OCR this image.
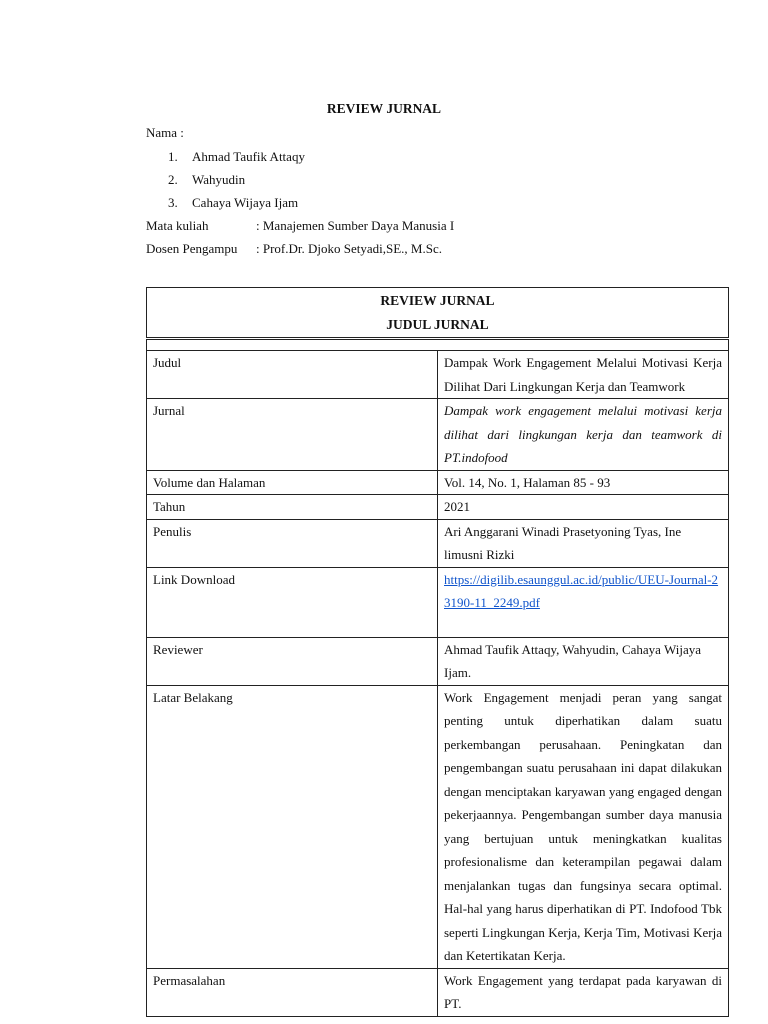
REVIEW JURNAL
Nama :
1. Ahmad Taufik Attaqy
2. Wahyudin
3. Cahaya Wijaya Ijam
Mata kuliah	: Manajemen Sumber Daya Manusia I
Dosen Pengampu : Prof.Dr. Djoko Setyadi,SE., M.Sc.
REVIEW JURNAL
JUDUL JURNAL	

Judul	Dampak Work Engagement Melalui Motivasi Kerja Dilihat Dari Lingkungan Kerja dan Teamwork
Jurnal	Dampak work engagement melalui motivasi kerja dilihat dari lingkungan kerja dan teamwork di PT.indofood
Volume dan Halaman	Vol. 14, No. 1, Halaman 85 - 93
Tahun	2021
Penulis	Ari Anggarani Winadi Prasetyoning Tyas, Ine limusni Rizki
Link Download	https://digilib.esaunggul.ac.id/public/UEU-Journal-23190-11_2249.pdf
Reviewer	Ahmad Taufik Attaqy, Wahyudin, Cahaya Wijaya Ijam.
Latar Belakang	Work Engagement menjadi peran yang sangat penting untuk diperhatikan dalam suatu perkembangan perusahaan. Peningkatan dan pengembangan suatu perusahaan ini dapat dilakukan dengan menciptakan karyawan yang engaged dengan pekerjaannya. Pengembangan sumber daya manusia yang bertujuan untuk meningkatkan kualitas profesionalisme dan keterampilan pegawai dalam menjalankan tugas dan fungsinya secara optimal. Hal-hal yang harus diperhatikan di PT. Indofood Tbk seperti Lingkungan Kerja, Kerja Tim, Motivasi Kerja dan Ketertikatan Kerja.
Permasalahan	Work Engagement yang terdapat pada karyawan di PT.
